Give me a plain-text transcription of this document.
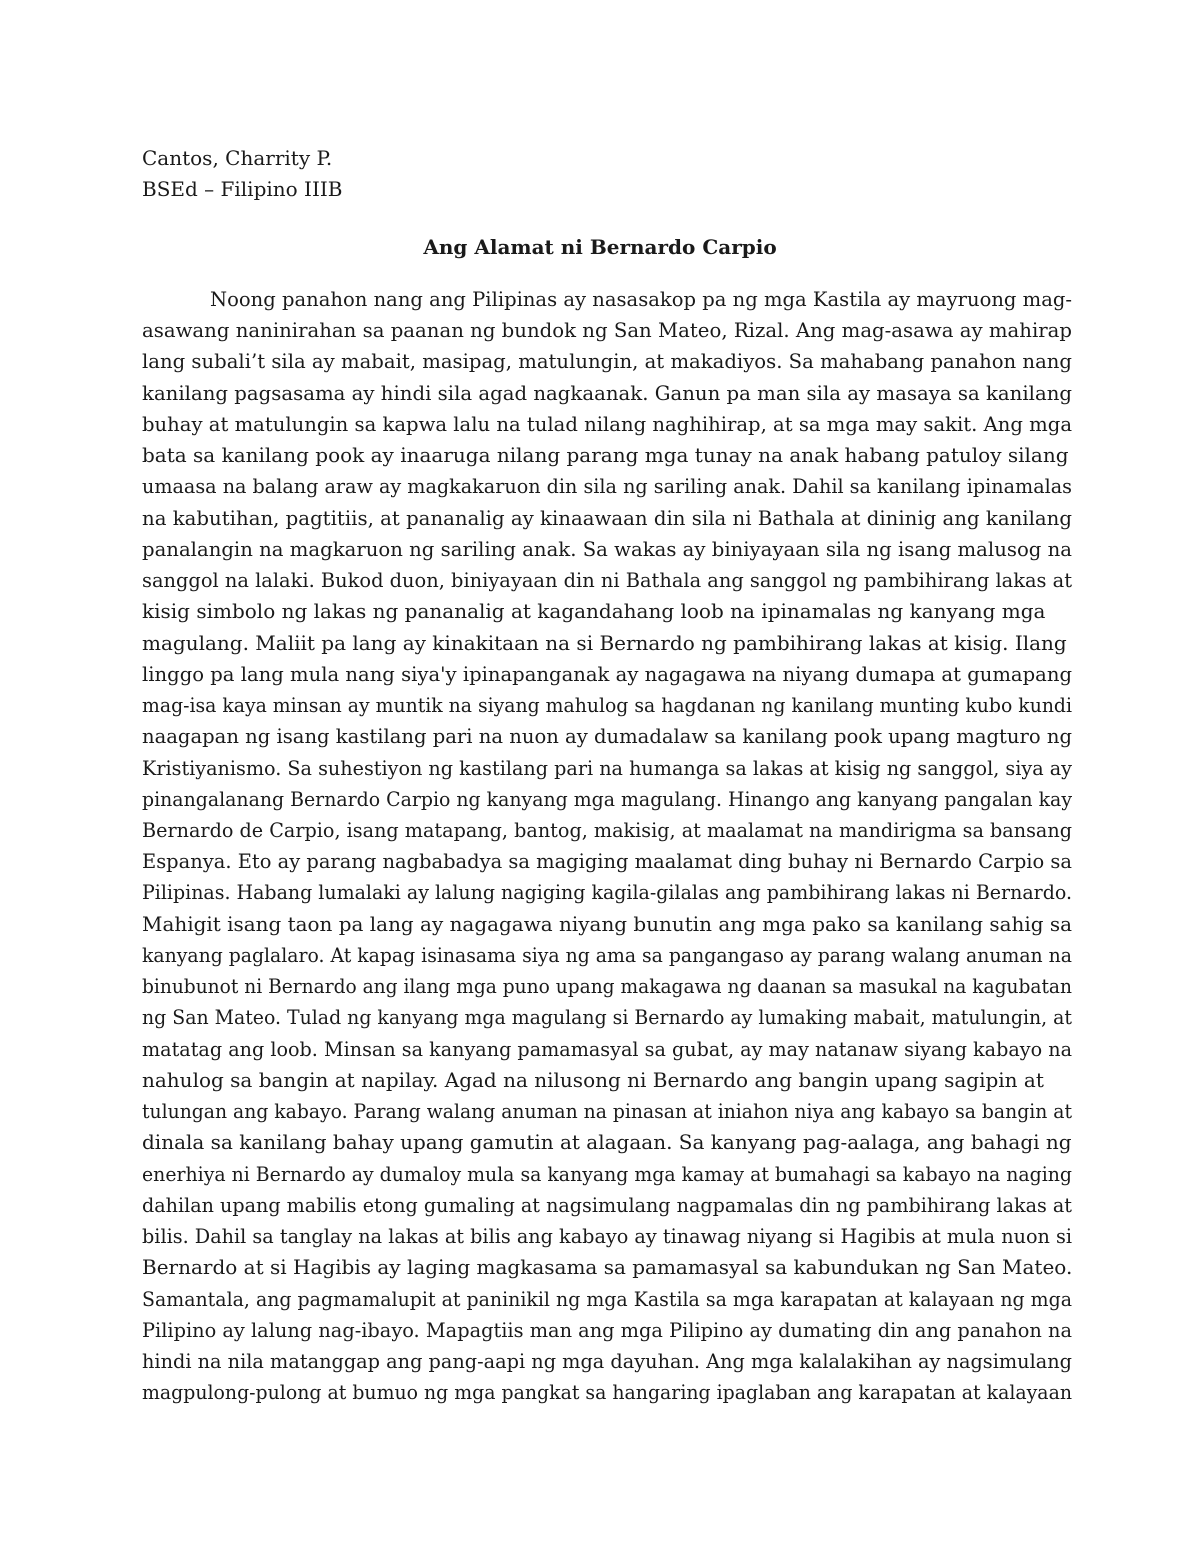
Cantos, Charrity P.
BSEd – Filipino IIIB
Ang Alamat ni Bernardo Carpio
Noong panahon nang ang Pilipinas ay nasasakop pa ng mga Kastila ay mayruong mag-
asawang naninirahan sa paanan ng bundok ng San Mateo, Rizal. Ang mag-asawa ay mahirap
lang subali’t sila ay mabait, masipag, matulungin, at makadiyos. Sa mahabang panahon nang
kanilang pagsasama ay hindi sila agad nagkaanak. Ganun pa man sila ay masaya sa kanilang
buhay at matulungin sa kapwa lalu na tulad nilang naghihirap, at sa mga may sakit. Ang mga
bata sa kanilang pook ay inaaruga nilang parang mga tunay na anak habang patuloy silang
umaasa na balang araw ay magkakaruon din sila ng sariling anak. Dahil sa kanilang ipinamalas
na kabutihan, pagtitiis, at pananalig ay kinaawaan din sila ni Bathala at dininig ang kanilang
panalangin na magkaruon ng sariling anak. Sa wakas ay biniyayaan sila ng isang malusog na
sanggol na lalaki. Bukod duon, biniyayaan din ni Bathala ang sanggol ng pambihirang lakas at
kisig simbolo ng lakas ng pananalig at kagandahang loob na ipinamalas ng kanyang mga
magulang. Maliit pa lang ay kinakitaan na si Bernardo ng pambihirang lakas at kisig. Ilang
linggo pa lang mula nang siya'y ipinapanganak ay nagagawa na niyang dumapa at gumapang
mag-isa kaya minsan ay muntik na siyang mahulog sa hagdanan ng kanilang munting kubo kundi
naagapan ng isang kastilang pari na nuon ay dumadalaw sa kanilang pook upang magturo ng
Kristiyanismo. Sa suhestiyon ng kastilang pari na humanga sa lakas at kisig ng sanggol, siya ay
pinangalanang Bernardo Carpio ng kanyang mga magulang. Hinango ang kanyang pangalan kay
Bernardo de Carpio, isang matapang, bantog, makisig, at maalamat na mandirigma sa bansang
Espanya. Eto ay parang nagbabadya sa magiging maalamat ding buhay ni Bernardo Carpio sa
Pilipinas. Habang lumalaki ay lalung nagiging kagila-gilalas ang pambihirang lakas ni Bernardo.
Mahigit isang taon pa lang ay nagagawa niyang bunutin ang mga pako sa kanilang sahig sa
kanyang paglalaro. At kapag isinasama siya ng ama sa pangangaso ay parang walang anuman na
binubunot ni Bernardo ang ilang mga puno upang makagawa ng daanan sa masukal na kagubatan
ng San Mateo. Tulad ng kanyang mga magulang si Bernardo ay lumaking mabait, matulungin, at
matatag ang loob. Minsan sa kanyang pamamasyal sa gubat, ay may natanaw siyang kabayo na
nahulog sa bangin at napilay. Agad na nilusong ni Bernardo ang bangin upang sagipin at
tulungan ang kabayo. Parang walang anuman na pinasan at iniahon niya ang kabayo sa bangin at
dinala sa kanilang bahay upang gamutin at alagaan. Sa kanyang pag-aalaga, ang bahagi ng
enerhiya ni Bernardo ay dumaloy mula sa kanyang mga kamay at bumahagi sa kabayo na naging
dahilan upang mabilis etong gumaling at nagsimulang nagpamalas din ng pambihirang lakas at
bilis. Dahil sa tanglay na lakas at bilis ang kabayo ay tinawag niyang si Hagibis at mula nuon si
Bernardo at si Hagibis ay laging magkasama sa pamamasyal sa kabundukan ng San Mateo.
Samantala, ang pagmamalupit at paninikil ng mga Kastila sa mga karapatan at kalayaan ng mga
Pilipino ay lalung nag-ibayo. Mapagtiis man ang mga Pilipino ay dumating din ang panahon na
hindi na nila matanggap ang pang-aapi ng mga dayuhan. Ang mga kalalakihan ay nagsimulang
magpulong-pulong at bumuo ng mga pangkat sa hangaring ipaglaban ang karapatan at kalayaan
